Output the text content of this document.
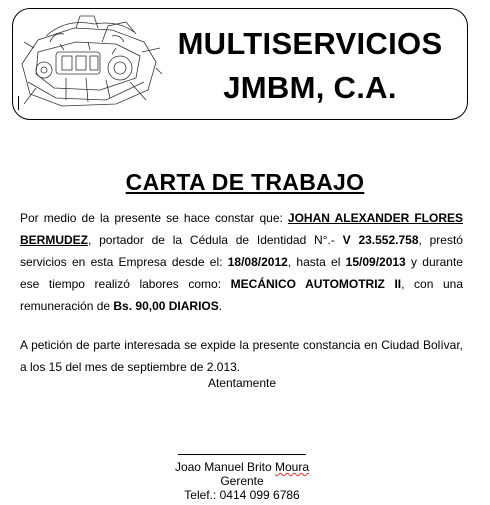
MULTISERVICIOS
JMBM, C.A.
CARTA DE TRABAJO
Por medio de la presente se hace constar que: JOHAN ALEXANDER FLORES BERMUDEZ, portador de la Cédula de Identidad N°.- V 23.552.758, prestó servicios en esta Empresa desde el: 18/08/2012, hasta el 15/09/2013 y durante ese tiempo realizó labores como: MECÁNICO AUTOMOTRIZ II, con una remuneración de Bs. 90,00 DIARIOS.
A petición de parte interesada se expide la presente constancia en Ciudad Bolívar, a los 15 del mes de septiembre de 2.013.
Atentamente
Joao Manuel Brito Moura
Gerente
Telef.: 0414 099 6786
